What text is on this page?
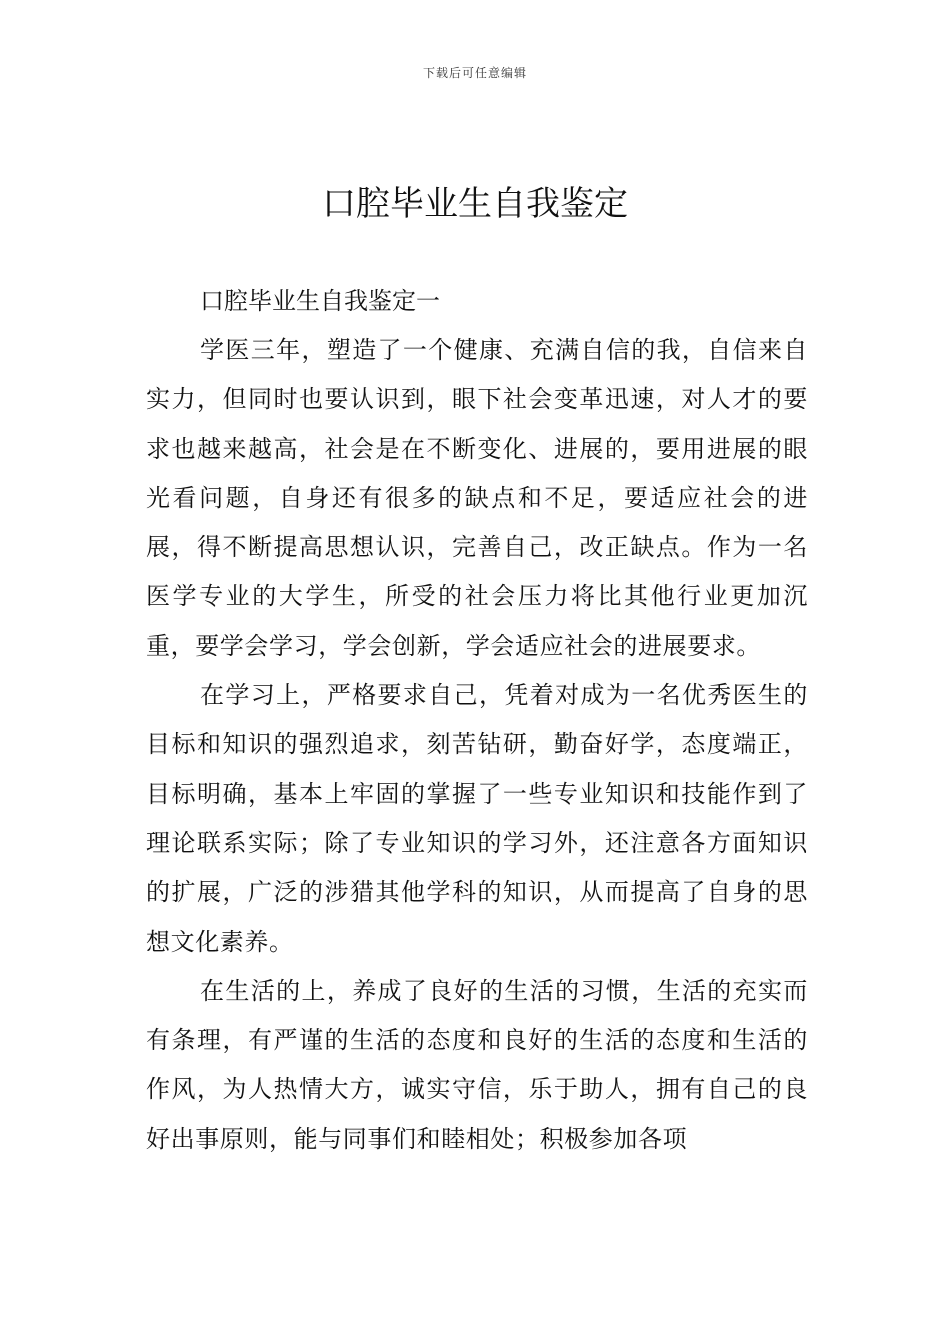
下载后可任意编辑
口腔毕业生自我鉴定

口腔毕业生自我鉴定一

学医三年，塑造了一个健康、充满自信的我，自信来自实力，但同时也要认识到，眼下社会变革迅速，对人才的要求也越来越高，社会是在不断变化、进展的，要用进展的眼光看问题，自身还有很多的缺点和不足，要适应社会的进展，得不断提高思想认识，完善自己，改正缺点。作为一名医学专业的大学生，所受的社会压力将比其他行业更加沉重，要学会学习，学会创新，学会适应社会的进展要求。

在学习上，严格要求自己，凭着对成为一名优秀医生的目标和知识的强烈追求，刻苦钻研，勤奋好学，态度端正，目标明确，基本上牢固的掌握了一些专业知识和技能作到了理论联系实际；除了专业知识的学习外，还注意各方面知识的扩展，广泛的涉猎其他学科的知识，从而提高了自身的思想文化素养。

在生活的上，养成了良好的生活的习惯，生活的充实而有条理，有严谨的生活的态度和良好的生活的态度和生活的作风，为人热情大方，诚实守信，乐于助人，拥有自己的良好出事原则，能与同事们和睦相处；积极参加各项
